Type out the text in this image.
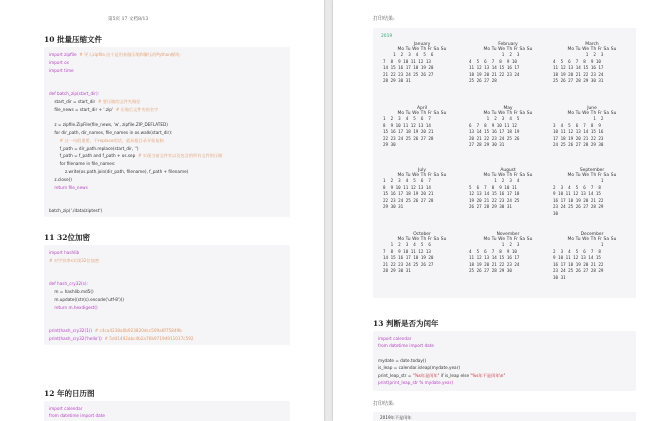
第5页 17 文档8/13
10 批量压缩文件
import zipfile  # 导入zipfile,这个是用来做压缩和解压的Python模块;
import os
import time
def batch_zip(start_dir):
start_dir = start_dir  # 要压缩的文件夹路径
file_news = start_dir + '.zip'  # 压缩后文件夹的名字
z = zipfile.ZipFile(file_news, 'w', zipfile.ZIP_DEFLATED)
for dir_path, dir_names, file_names in os.walk(start_dir):
# 这一句很重要，不replace的话，就从根目录开始复制
f_path = dir_path.replace(start_dir, '')
f_path = f_path and f_path + os.sep  # 实现当前文件夹以及包含的所有文件的压缩
for filename in file_names:
z.write(os.path.join(dir_path, filename), f_path + filename)
z.close()
return file_news
batch_zip('./data/ziptest')
11 32位加密
import hashlib
# 对字符串s实现32位加密
def hash_cry32(s):
m = hashlib.md5()
m.update((str(s).encode('utf-8')))
return m.hexdigest()
print(hash_cry32(1))  # c4ca4238a0b923820dcc509a6f75849b
print(hash_cry32('hello'))  # 5d41402abc4b2a76b9719d911017c592
12 年的日历图
import calendar
from datetime import date
打印结果:
2019
January
Mo Tu We Th Fr Sa Su
1  2  3  4  5  6
7  8  9 10 11 12 13
14 15 16 17 18 19 20
21 22 23 24 25 26 27
28 29 30 31
February
Mo Tu We Th Fr Sa Su
1  2  3
4  5  6  7  8  9 10
11 12 13 14 15 16 17
18 19 20 21 22 23 24
25 26 27 28
March
Mo Tu We Th Fr Sa Su
1  2  3
4  5  6  7  8  9 10
11 12 13 14 15 16 17
18 19 20 21 22 23 24
25 26 27 28 29 30 31
April
Mo Tu We Th Fr Sa Su
1  2  3  4  5  6  7
8  9 10 11 12 13 14
15 16 17 18 19 20 21
22 23 24 25 26 27 28
29 30
May
Mo Tu We Th Fr Sa Su
1  2  3  4  5
6  7  8  9 10 11 12
13 14 15 16 17 18 19
20 21 22 23 24 25 26
27 28 29 30 31
June
Mo Tu We Th Fr Sa Su
1  2
3  4  5  6  7  8  9
10 11 12 13 14 15 16
17 18 19 20 21 22 23
24 25 26 27 28 29 30
July
Mo Tu We Th Fr Sa Su
1  2  3  4  5  6  7
8  9 10 11 12 13 14
15 16 17 18 19 20 21
22 23 24 25 26 27 28
29 30 31
August
Mo Tu We Th Fr Sa Su
1  2  3  4
5  6  7  8  9 10 11
12 13 14 15 16 17 18
19 20 21 22 23 24 25
26 27 28 29 30 31
September
Mo Tu We Th Fr Sa Su
1
2  3  4  5  6  7  8
9 10 11 12 13 14 15
16 17 18 19 20 21 22
23 24 25 26 27 28 29
30
October
Mo Tu We Th Fr Sa Su
1  2  3  4  5  6
7  8  9 10 11 12 13
14 15 16 17 18 19 20
21 22 23 24 25 26 27
28 29 30 31
November
Mo Tu We Th Fr Sa Su
1  2  3
4  5  6  7  8  9 10
11 12 13 14 15 16 17
18 19 20 21 22 23 24
25 26 27 28 29 30
December
Mo Tu We Th Fr Sa Su
1
2  3  4  5  6  7  8
9 10 11 12 13 14 15
16 17 18 19 20 21 22
23 24 25 26 27 28 29
30 31
13 判断是否为闰年
import calendar
from datetime import date
mydate = date.today()
is_leap = calendar.isleap(mydate.year)
print_leap_str = "%s年是闰年" if is_leap else "%s年不是闰年\n"
print(print_leap_str % mydate.year)
打印结果:
2019年不是闰年
